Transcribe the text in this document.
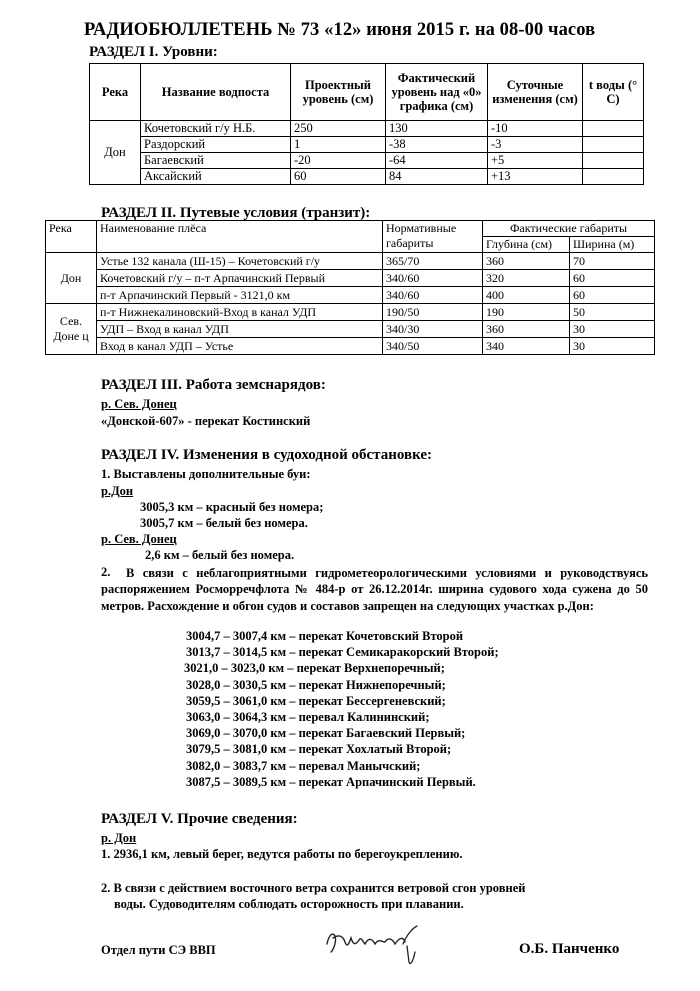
РАДИОБЮЛЛЕТЕНЬ № 73 «12» июня 2015 г. на 08-00 часов
РАЗДЕЛ I. Уровни:
Река	Название водпоста	Проектный уровень (см)	Фактический уровень над «0» графика (см)	Суточные изменения (см)	t воды (° С)
Дон	Кочетовский г/у Н.Б.	250	130	-10	
	Раздорский	1	-38	-3	
	Багаевский	-20	-64	+5	
	Аксайский	60	84	+13	
РАЗДЕЛ II. Путевые условия (транзит):
Река	Наименование плёса	Нормативные габариты	Фактические габариты	
			Глубина (см)	Ширина (м)
Дон	Устье 132 канала (Ш-15) – Кочетовский г/у	365/70	360	70
	Кочетовский г/у – п-т Арпачинский Первый	340/60	320	60
	п-т Арпачинский Первый - 3121,0 км	340/60	400	60
Сев. Доне ц	п-т Нижнекалиновский-Вход в канал УДП	190/50	190	50
	УДП – Вход в канал УДП	340/30	360	30
	Вход в канал УДП – Устье	340/50	340	30
РАЗДЕЛ III. Работа земснарядов:
р. Сев. Донец
«Донской-607» - перекат Костинский
РАЗДЕЛ IV. Изменения в судоходной обстановке:
1. Выставлены дополнительные буи:
р.Дон
3005,3 км – красный без номера;
3005,7 км – белый без номера.
р. Сев. Донец
2,6 км – белый без номера.
2.	В связи с неблагоприятными гидрометеорологическими условиями и руководствуясь распоряжением Росморречфлота № 484-р от 26.12.2014г. ширина судового хода сужена до 50 метров. Расхождение и обгон судов и составов запрещен на следующих участках р.Дон:
3004,7 – 3007,4 км – перекат Кочетовский Второй
3013,7 – 3014,5 км – перекат Семикаракорский Второй;
3021,0 – 3023,0 км – перекат Верхнепоречный;
3028,0 – 3030,5 км – перекат Нижнепоречный;
3059,5 – 3061,0 км – перекат Бессергеневский;
3063,0 – 3064,3 км – перевал Калининский;
3069,0 – 3070,0 км – перекат Багаевский Первый;
3079,5 – 3081,0 км – перекат Хохлатый Второй;
3082,0 – 3083,7 км – перевал Манычский;
3087,5 – 3089,5 км – перекат Арпачинский Первый.
РАЗДЕЛ V. Прочие сведения:
р. Дон
1. 2936,1 км, левый берег, ведутся работы по берегоукреплению.
2. В связи с действием восточного ветра сохранится ветровой сгон уровней
воды. Судоводителям соблюдать осторожность при плавании.
Отдел пути СЭ ВВП	О.Б. Панченко
